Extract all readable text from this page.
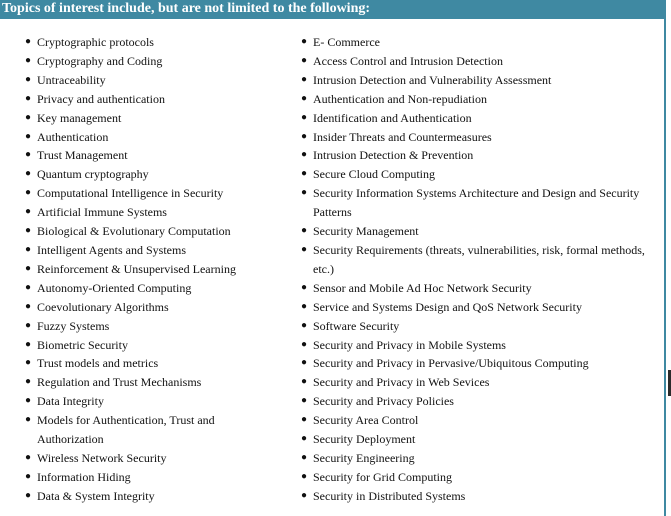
Topics of interest include, but are not limited to the following:
● Cryptographic protocols
● Cryptography and Coding
● Untraceability
● Privacy and authentication
● Key management
● Authentication
● Trust Management
● Quantum cryptography
● Computational Intelligence in Security
● Artificial Immune Systems
● Biological & Evolutionary Computation
● Intelligent Agents and Systems
● Reinforcement & Unsupervised Learning
● Autonomy-Oriented Computing
● Coevolutionary Algorithms
● Fuzzy Systems
● Biometric Security
● Trust models and metrics
● Regulation and Trust Mechanisms
● Data Integrity
● Models for Authentication, Trust and Authorization
● Wireless Network Security
● Information Hiding
● Data & System Integrity
● E- Commerce
● Access Control and Intrusion Detection
● Intrusion Detection and Vulnerability Assessment
● Authentication and Non-repudiation
● Identification and Authentication
● Insider Threats and Countermeasures
● Intrusion Detection & Prevention
● Secure Cloud Computing
● Security Information Systems Architecture and Design and Security Patterns
● Security Management
● Security Requirements (threats, vulnerabilities, risk, formal methods, etc.)
● Sensor and Mobile Ad Hoc Network Security
● Service and Systems Design and QoS Network Security
● Software Security
● Security and Privacy in Mobile Systems
● Security and Privacy in Pervasive/Ubiquitous Computing
● Security and Privacy in Web Sevices
● Security and Privacy Policies
● Security Area Control
● Security Deployment
● Security Engineering
● Security for Grid Computing
● Security in Distributed Systems
